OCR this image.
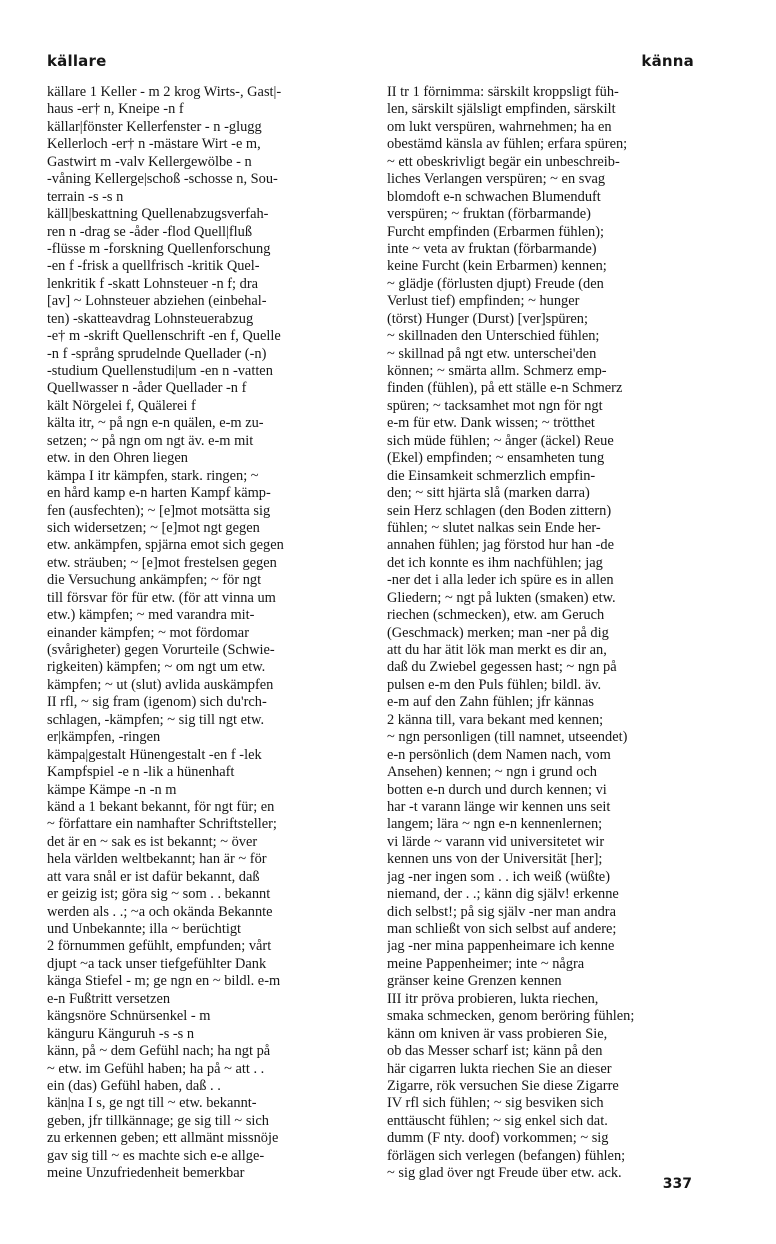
källare	känna
källare 1 Keller - m 2 krog Wirts-, Gast|-
haus -er† n, Kneipe -n f
källar|fönster Kellerfenster - n -glugg
Kellerloch -er† n -mästare Wirt -e m,
Gastwirt m -valv Kellergewölbe - n
-våning Kellerge|schoß -schosse n, Sou-
terrain -s -s n
käll|beskattning Quellenabzugsverfah-
ren n -drag se -åder -flod Quell|fluß
-flüsse m -forskning Quellenforschung
-en f -frisk a quellfrisch -kritik Quel-
lenkritik f -skatt Lohnsteuer -n f; dra
[av] ~ Lohnsteuer abziehen (einbehal-
ten) -skatteavdrag Lohnsteuerabzug
-e† m -skrift Quellenschrift -en f, Quelle
-n f -språng sprudelnde Quellader (-n)
-studium Quellenstudi|um -en n -vatten
Quellwasser n -åder Quellader -n f
kält Nörgelei f, Quälerei f
kälta itr, ~ på ngn e-n quälen, e-m zu-
setzen; ~ på ngn om ngt äv. e-m mit
etw. in den Ohren liegen
kämpa I itr kämpfen, stark. ringen; ~
en hård kamp e-n harten Kampf kämp-
fen (ausfechten); ~ [e]mot motsätta sig
sich widersetzen; ~ [e]mot ngt gegen
etw. ankämpfen, spjärna emot sich gegen
etw. sträuben; ~ [e]mot frestelsen gegen
die Versuchung ankämpfen; ~ för ngt
till försvar för für etw. (för att vinna um
etw.) kämpfen; ~ med varandra mit-
einander kämpfen; ~ mot fördomar
(svårigheter) gegen Vorurteile (Schwie-
rigkeiten) kämpfen; ~ om ngt um etw.
kämpfen; ~ ut (slut) avlida auskämpfen
II rfl, ~ sig fram (igenom) sich du'rch-
schlagen, -kämpfen; ~ sig till ngt etw.
er|kämpfen, -ringen
kämpa|gestalt Hünengestalt -en f -lek
Kampfspiel -e n -lik a hünenhaft
kämpe Kämpe -n -n m
känd a 1 bekant bekannt, för ngt für; en
~ författare ein namhafter Schriftsteller;
det är en ~ sak es ist bekannt; ~ över
hela världen weltbekannt; han är ~ för
att vara snål er ist dafür bekannt, daß
er geizig ist; göra sig ~ som . . bekannt
werden als . .; ~a och okända Bekannte
und Unbekannte; illa ~ berüchtigt
2 förnummen gefühlt, empfunden; vårt
djupt ~a tack unser tiefgefühlter Dank
känga Stiefel - m; ge ngn en ~ bildl. e-m
e-n Fußtritt versetzen
kängsnöre Schnürsenkel - m
känguru Känguruh -s -s n
känn, på ~ dem Gefühl nach; ha ngt på
~ etw. im Gefühl haben; ha på ~ att . .
ein (das) Gefühl haben, daß . .
kän|na I s, ge ngt till ~ etw. bekannt-
geben, jfr tillkännage; ge sig till ~ sich
zu erkennen geben; ett allmänt missnöje
gav sig till ~ es machte sich e-e allge-
meine Unzufriedenheit bemerkbar
II tr 1 förnimma: särskilt kroppsligt füh-
len, särskilt själsligt empfinden, särskilt
om lukt verspüren, wahrnehmen; ha en
obestämd känsla av fühlen; erfara spüren;
~ ett obeskrivligt begär ein unbeschreib-
liches Verlangen verspüren; ~ en svag
blomdoft e-n schwachen Blumenduft
verspüren; ~ fruktan (förbarmande)
Furcht empfinden (Erbarmen fühlen);
inte ~ veta av fruktan (förbarmande)
keine Furcht (kein Erbarmen) kennen;
~ glädje (förlusten djupt) Freude (den
Verlust tief) empfinden; ~ hunger
(törst) Hunger (Durst) [ver]spüren;
~ skillnaden den Unterschied fühlen;
~ skillnad på ngt etw. unterschei'den
können; ~ smärta allm. Schmerz emp-
finden (fühlen), på ett ställe e-n Schmerz
spüren; ~ tacksamhet mot ngn för ngt
e-m für etw. Dank wissen; ~ trötthet
sich müde fühlen; ~ ånger (äckel) Reue
(Ekel) empfinden; ~ ensamheten tung
die Einsamkeit schmerzlich empfin-
den; ~ sitt hjärta slå (marken darra)
sein Herz schlagen (den Boden zittern)
fühlen; ~ slutet nalkas sein Ende her-
annahen fühlen; jag förstod hur han -de
det ich konnte es ihm nachfühlen; jag
-ner det i alla leder ich spüre es in allen
Gliedern; ~ ngt på lukten (smaken) etw.
riechen (schmecken), etw. am Geruch
(Geschmack) merken; man -ner på dig
att du har ätit lök man merkt es dir an,
daß du Zwiebel gegessen hast; ~ ngn på
pulsen e-m den Puls fühlen; bildl. äv.
e-m auf den Zahn fühlen; jfr kännas
2 känna till, vara bekant med kennen;
~ ngn personligen (till namnet, utseendet)
e-n persönlich (dem Namen nach, vom
Ansehen) kennen; ~ ngn i grund och
botten e-n durch und durch kennen; vi
har -t varann länge wir kennen uns seit
langem; lära ~ ngn e-n kennenlernen;
vi lärde ~ varann vid universitetet wir
kennen uns von der Universität [her];
jag -ner ingen som . . ich weiß (wüßte)
niemand, der . .; känn dig själv! erkenne
dich selbst!; på sig själv -ner man andra
man schließt von sich selbst auf andere;
jag -ner mina pappenheimare ich kenne
meine Pappenheimer; inte ~ några
gränser keine Grenzen kennen
III itr pröva probieren, lukta riechen,
smaka schmecken, genom beröring fühlen;
känn om kniven är vass probieren Sie,
ob das Messer scharf ist; känn på den
här cigarren lukta riechen Sie an dieser
Zigarre, rök versuchen Sie diese Zigarre
IV rfl sich fühlen; ~ sig besviken sich
enttäuscht fühlen; ~ sig enkel sich dat.
dumm (F nty. doof) vorkommen; ~ sig
förlägen sich verlegen (befangen) fühlen;
~ sig glad över ngt Freude über etw. ack.
337
